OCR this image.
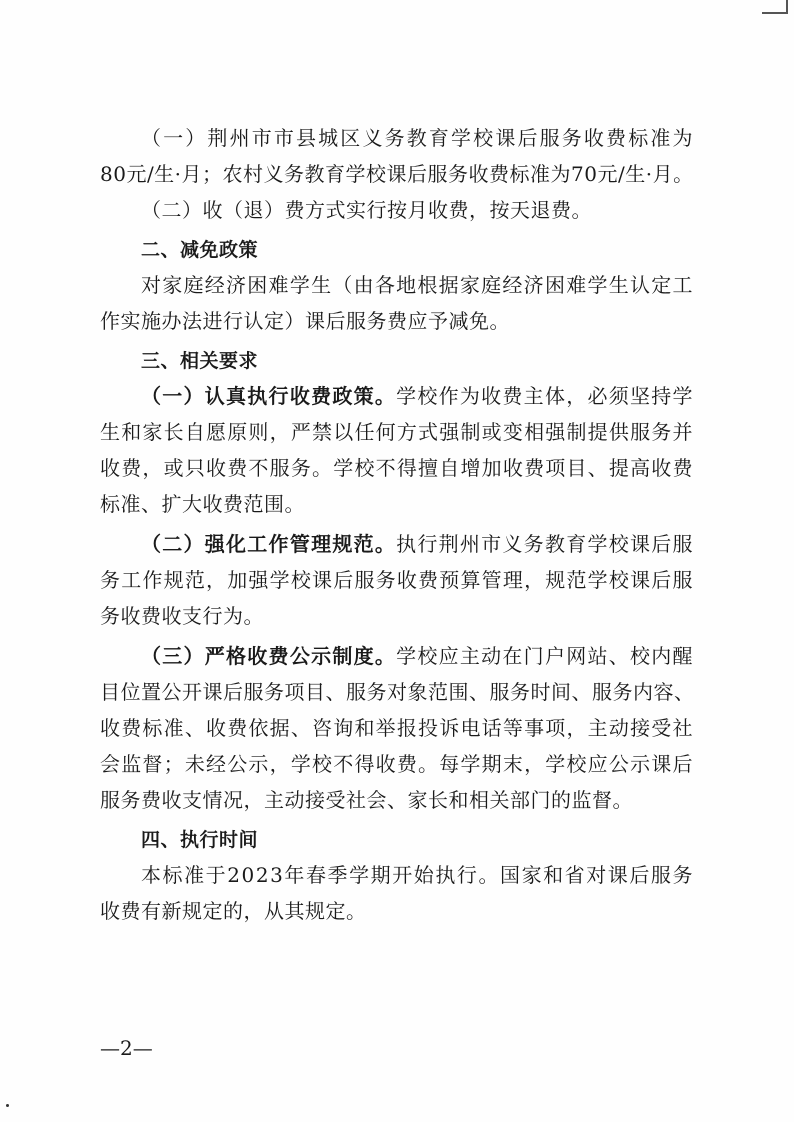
（一）荆州市市县城区义务教育学校课后服务收费标准为
80元/生·月；农村义务教育学校课后服务收费标准为70元/生·月。
（二）收（退）费方式实行按月收费，按天退费。
二、减免政策
对家庭经济困难学生（由各地根据家庭经济困难学生认定工
作实施办法进行认定）课后服务费应予减免。
三、相关要求
（一）认真执行收费政策。学校作为收费主体，必须坚持学
生和家长自愿原则，严禁以任何方式强制或变相强制提供服务并
收费，或只收费不服务。学校不得擅自增加收费项目、提高收费
标准、扩大收费范围。
（二）强化工作管理规范。执行荆州市义务教育学校课后服
务工作规范，加强学校课后服务收费预算管理，规范学校课后服
务收费收支行为。
（三）严格收费公示制度。学校应主动在门户网站、校内醒
目位置公开课后服务项目、服务对象范围、服务时间、服务内容、
收费标准、收费依据、咨询和举报投诉电话等事项，主动接受社
会监督；未经公示，学校不得收费。每学期末，学校应公示课后
服务费收支情况，主动接受社会、家长和相关部门的监督。
四、执行时间
本标准于2023年春季学期开始执行。国家和省对课后服务
收费有新规定的，从其规定。
—2—
